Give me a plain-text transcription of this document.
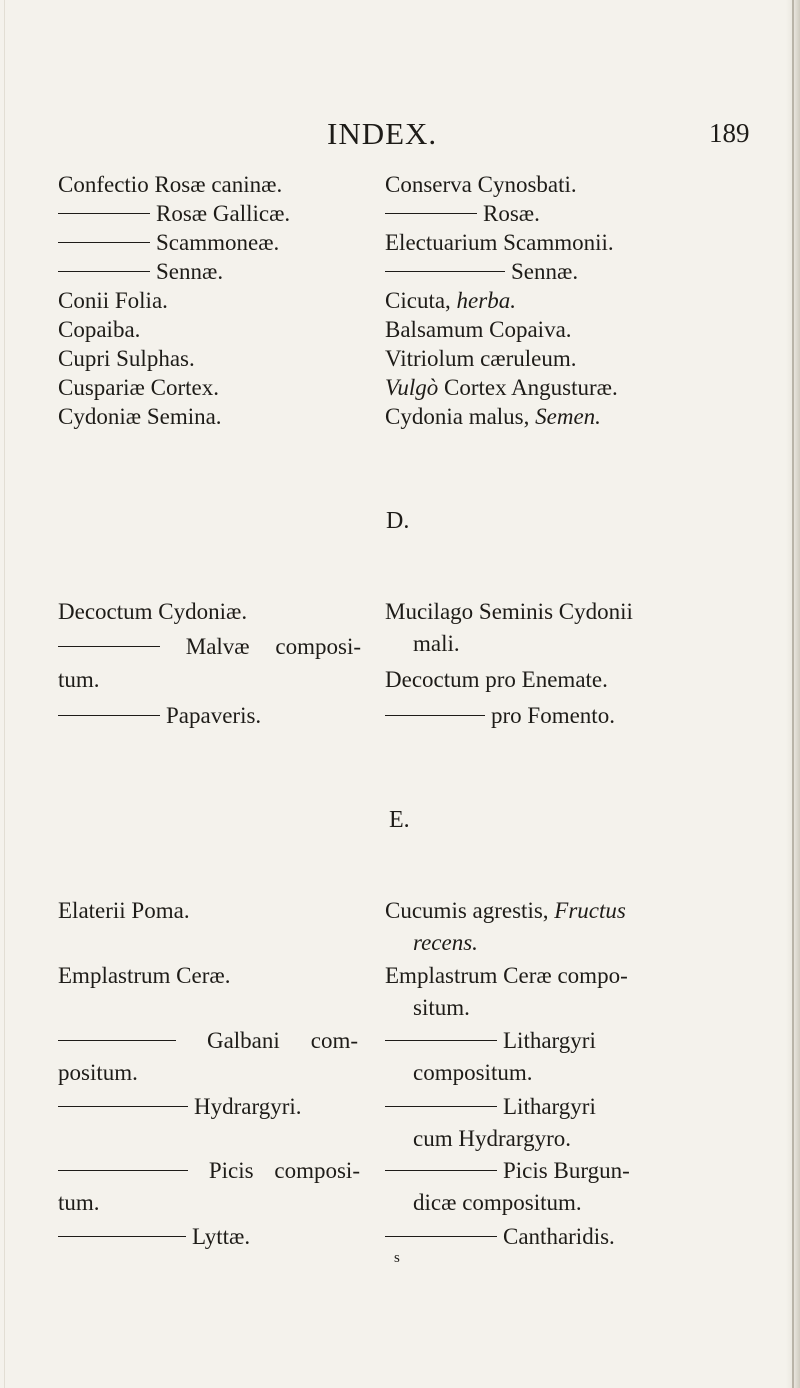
INDEX.	189
Confectio Rosæ caninæ.
Rosæ Gallicæ.
Scammoneæ.
Sennæ.
Conii Folia.
Copaiba.
Cupri Sulphas.
Cuspariæ Cortex.
Cydoniæ Semina.
Conserva Cynosbati.
Rosæ.
Electuarium Scammonii.
Sennæ.
Cicuta, herba.
Balsamum Copaiva.
Vitriolum cæruleum.
Vulgò Cortex Angusturæ.
Cydonia malus, Semen.
D.
Decoctum Cydoniæ.
Malvæ composi-
tum.
Papaveris.
Mucilago Seminis Cydonii
mali.
Decoctum pro Enemate.
pro Fomento.
E.
Elaterii Poma.
Emplastrum Ceræ.
Galbani com-
positum.
Hydrargyri.
Picis composi-
tum.
Lyttæ.
Cucumis agrestis, Fructus
recens.
Emplastrum Ceræ compo-
situm.
Lithargyri
compositum.
Lithargyri
cum Hydrargyro.
Picis Burgun-
dicæ compositum.
Cantharidis.
s
